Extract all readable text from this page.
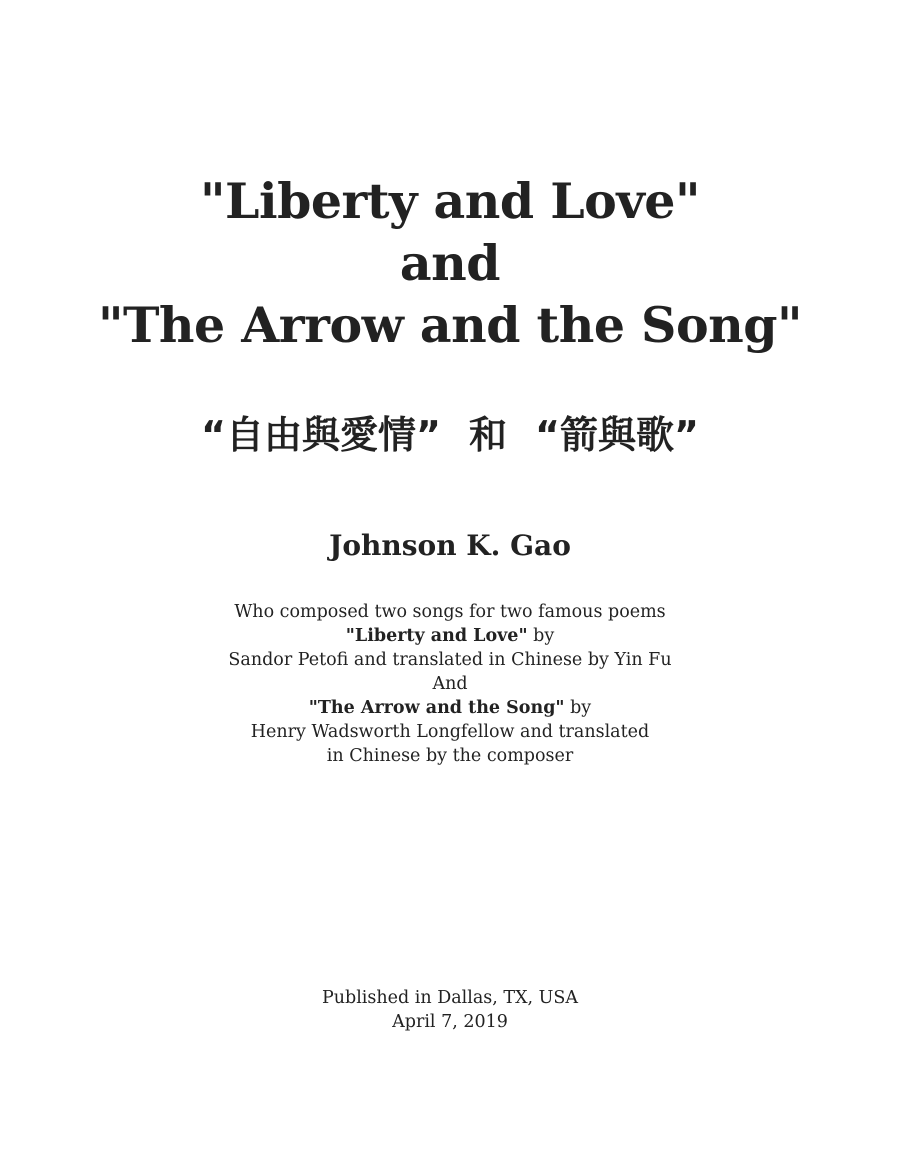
"Liberty and Love"
and
"The Arrow and the Song"
“自由與愛情” 和 “箭與歌”
Johnson K. Gao
Who composed two songs for two famous poems
"Liberty and Love" by
Sandor Petofi and translated in Chinese by Yin Fu
And
"The Arrow and the Song" by
Henry Wadsworth Longfellow and translated
in Chinese by the composer
Published in Dallas, TX, USA
April 7, 2019
